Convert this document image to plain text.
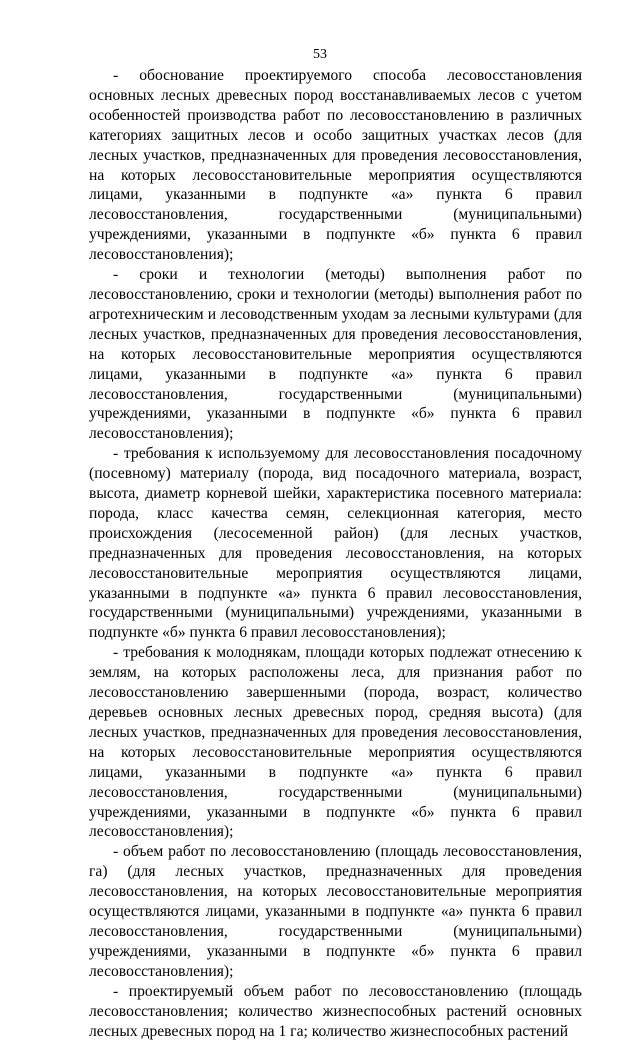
53

- обоснование проектируемого способа лесовосстановления основных лесных древесных пород восстанавливаемых лесов с учетом особенностей производства работ по лесовосстановлению в различных категориях защитных лесов и особо защитных участках лесов (для лесных участков, предназначенных для проведения лесовосстановления, на которых лесовосстановительные мероприятия осуществляются лицами, указанными в подпункте «а» пункта 6 правил лесовосстановления, государственными (муниципальными) учреждениями, указанными в подпункте «б» пункта 6 правил лесовосстановления);

- сроки и технологии (методы) выполнения работ по лесовосстановлению, сроки и технологии (методы) выполнения работ по агротехническим и лесоводственным уходам за лесными культурами (для лесных участков, предназначенных для проведения лесовосстановления, на которых лесовосстановительные мероприятия осуществляются лицами, указанными в подпункте «а» пункта 6 правил лесовосстановления, государственными (муниципальными) учреждениями, указанными в подпункте «б» пункта 6 правил лесовосстановления);

- требования к используемому для лесовосстановления посадочному (посевному) материалу (порода, вид посадочного материала, возраст, высота, диаметр корневой шейки, характеристика посевного материала: порода, класс качества семян, селекционная категория, место происхождения (лесосеменной район) (для лесных участков, предназначенных для проведения лесовосстановления, на которых лесовосстановительные мероприятия осуществляются лицами, указанными в подпункте «а» пункта 6 правил лесовосстановления, государственными (муниципальными) учреждениями, указанными в подпункте «б» пункта 6 правил лесовосстановления);

- требования к молоднякам, площади которых подлежат отнесению к землям, на которых расположены леса, для признания работ по лесовосстановлению завершенными (порода, возраст, количество деревьев основных лесных древесных пород, средняя высота) (для лесных участков, предназначенных для проведения лесовосстановления, на которых лесовосстановительные мероприятия осуществляются лицами, указанными в подпункте «а» пункта 6 правил лесовосстановления, государственными (муниципальными) учреждениями, указанными в подпункте «б» пункта 6 правил лесовосстановления);

- объем работ по лесовосстановлению (площадь лесовосстановления, га) (для лесных участков, предназначенных для проведения лесовосстановления, на которых лесовосстановительные мероприятия осуществляются лицами, указанными в подпункте «а» пункта 6 правил лесовосстановления, государственными (муниципальными) учреждениями, указанными в подпункте «б» пункта 6 правил лесовосстановления);

- проектируемый объем работ по лесовосстановлению (площадь лесовосстановления; количество жизнеспособных растений основных лесных древесных пород на 1 га; количество жизнеспособных растений
